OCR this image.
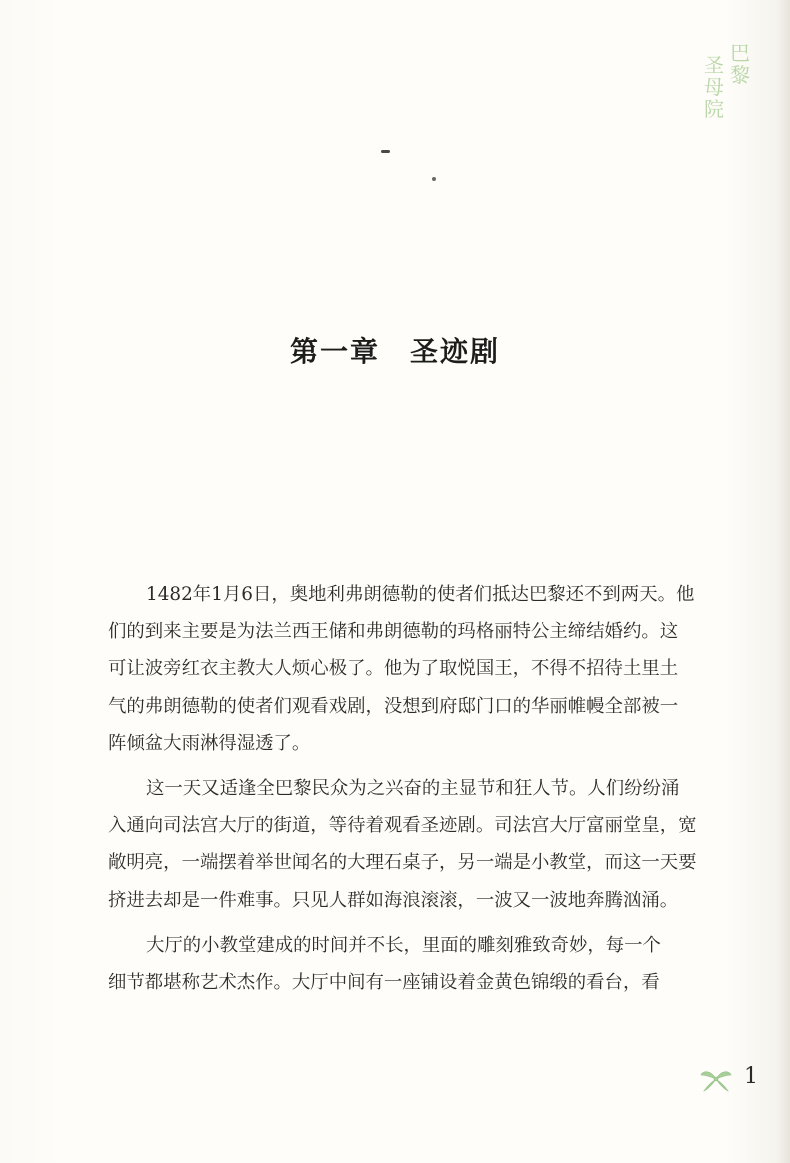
巴
黎
圣
母
院
第一章　圣迹剧
1482年1月6日，奥地利弗朗德勒的使者们抵达巴黎还不到两天。他
们的到来主要是为法兰西王储和弗朗德勒的玛格丽特公主缔结婚约。这
可让波旁红衣主教大人烦心极了。他为了取悦国王，不得不招待土里土
气的弗朗德勒的使者们观看戏剧，没想到府邸门口的华丽帷幔全部被一
阵倾盆大雨淋得湿透了。
这一天又适逢全巴黎民众为之兴奋的主显节和狂人节。人们纷纷涌
入通向司法宫大厅的街道，等待着观看圣迹剧。司法宫大厅富丽堂皇，宽
敞明亮，一端摆着举世闻名的大理石桌子，另一端是小教堂，而这一天要
挤进去却是一件难事。只见人群如海浪滚滚，一波又一波地奔腾汹涌。
大厅的小教堂建成的时间并不长，里面的雕刻雅致奇妙，每一个
细节都堪称艺术杰作。大厅中间有一座铺设着金黄色锦缎的看台，看
1
